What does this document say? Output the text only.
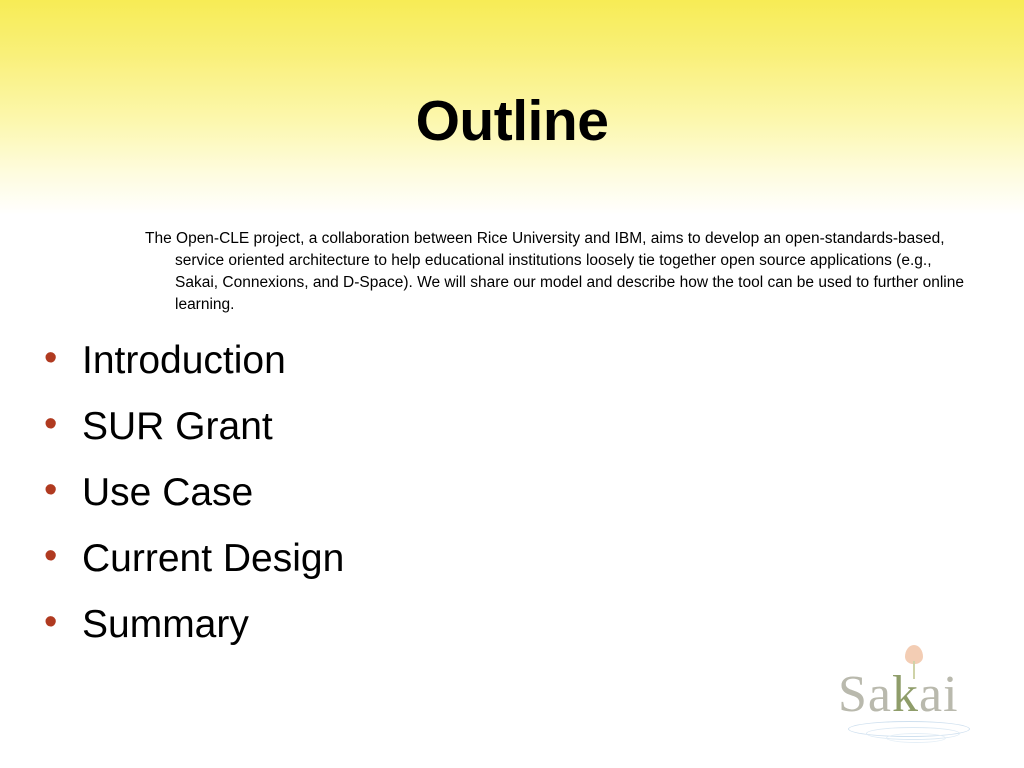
Outline

The Open-CLE project, a collaboration between Rice University and IBM, aims to develop an open-standards-based, service oriented architecture to help educational institutions loosely tie together open source applications (e.g., Sakai, Connexions, and D-Space). We will share our model and describe how the tool can be used to further online learning.

• Introduction
• SUR Grant
• Use Case
• Current Design
• Summary
Sakai
